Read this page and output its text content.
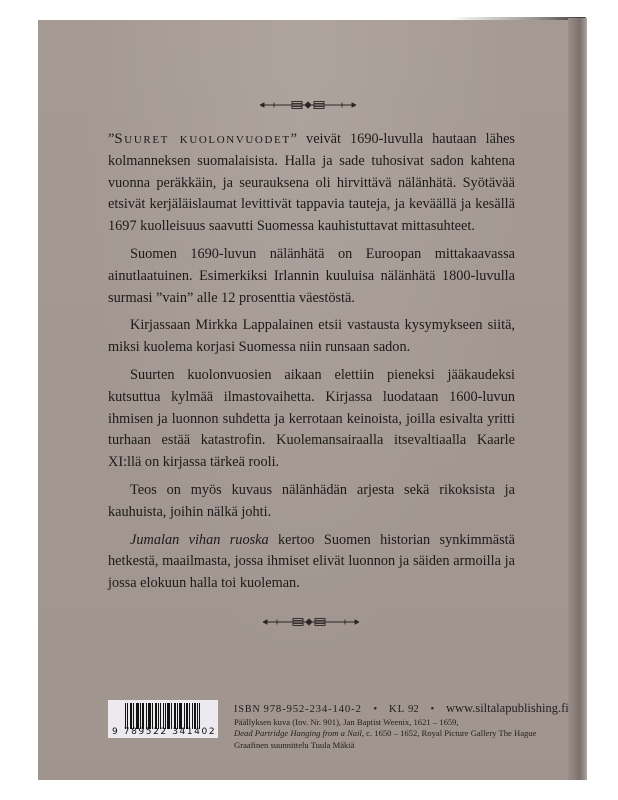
”Suuret kuolonvuodet” veivät 1690-luvulla hautaan lähes kolmanneksen suomalaisista. Halla ja sade tuhosivat sadon kahtena vuonna peräkkäin, ja seurauksena oli hirvittävä nälänhätä. Syötävää etsivät kerjäläislaumat levittivät tappavia tauteja, ja keväällä ja kesällä 1697 kuolleisuus saavutti Suomessa kauhistuttavat mittasuhteet.

Suomen 1690-luvun nälänhätä on Euroopan mittakaavassa ainutlaatuinen. Esimerkiksi Irlannin kuuluisa nälänhätä 1800-luvulla surmasi ”vain” alle 12 prosenttia väestöstä.

Kirjassaan Mirkka Lappalainen etsii vastausta kysymykseen siitä, miksi kuolema korjasi Suomessa niin runsaan sadon.

Suurten kuolonvuosien aikaan elettiin pieneksi jääkaudeksi kutsuttua kylmää ilmastovaihetta. Kirjassa luodataan 1600-luvun ihmisen ja luonnon suhdetta ja kerrotaan keinoista, joilla esivalta yritti turhaan estää katastrofin. Kuolemansairaalla itsevaltiaalla Kaarle XI:llä on kirjassa tärkeä rooli.

Teos on myös kuvaus nälänhädän arjesta sekä rikoksista ja kauhuista, joihin nälkä johti.

Jumalan vihan ruoska kertoo Suomen historian synkimmästä hetkestä, maailmasta, jossa ihmiset elivät luonnon ja säiden armoilla ja jossa elokuun halla toi kuoleman.

9 789522 341402
ISBN 978-952-234-140-2 • KL 92 • www.siltalapublishing.fi
Päällyksen kuva (Inv. Nr. 901), Jan Baptist Weenix, 1621 – 1659,
Dead Partridge Hanging from a Nail, c. 1650 – 1652, Royal Picture Gallery The Hague
Graafinen suunnittelu Tuula Mäkiä
